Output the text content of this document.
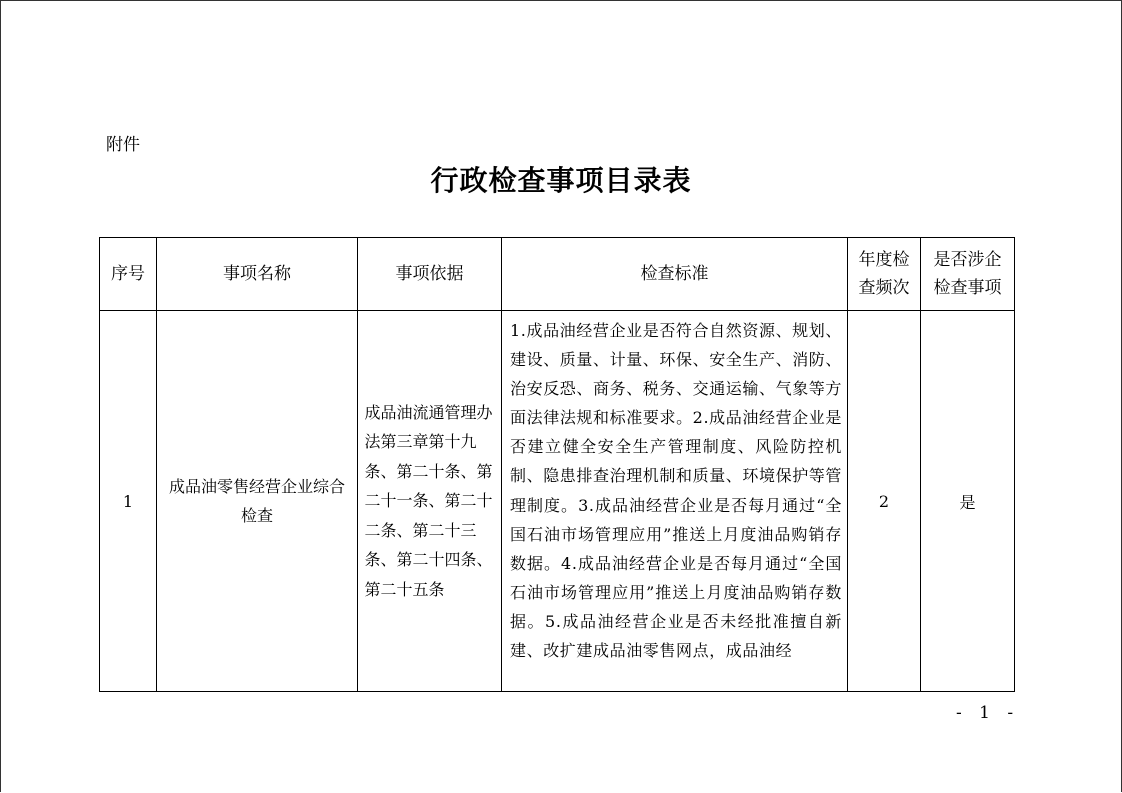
附件
行政检查事项目录表
序号	事项名称	事项依据	检查标准	年度检查频次	是否涉企检查事项
1	成品油零售经营企业综合检查	成品油流通管理办法第三章第十九条、第二十条、第二十一条、第二十二条、第二十三条、第二十四条、第二十五条	1.成品油经营企业是否符合自然资源、规划、建设、质量、计量、环保、安全生产、消防、治安反恐、商务、税务、交通运输、气象等方面法律法规和标准要求。2.成品油经营企业是否建立健全安全生产管理制度、风险防控机制、隐患排查治理机制和质量、环境保护等管理制度。3.成品油经营企业是否每月通过“全国石油市场管理应用”推送上月度油品购销存数据。4.成品油经营企业是否每月通过“全国石油市场管理应用”推送上月度油品购销存数据。5.成品油经营企业是否未经批准擅自新建、改扩建成品油零售网点，成品油经	2	是
- 1 -
